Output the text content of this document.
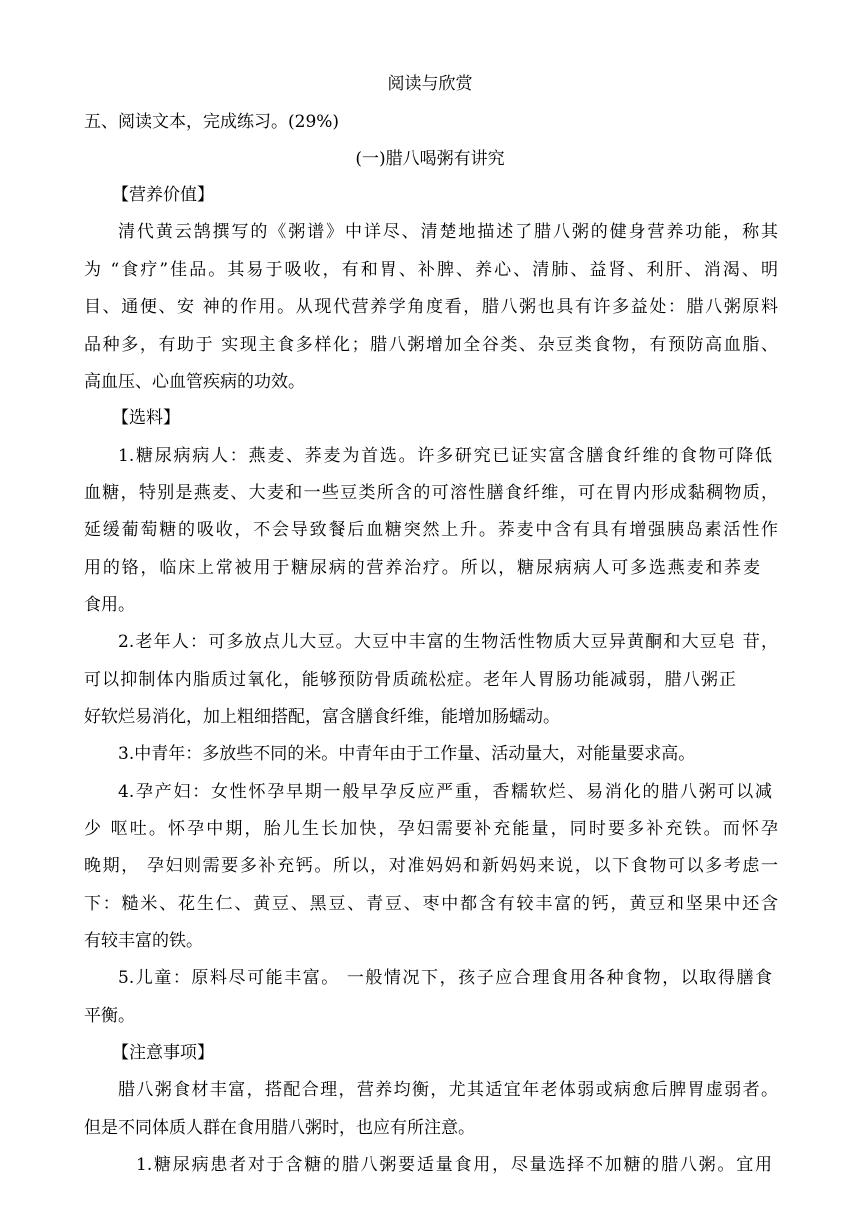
阅读与欣赏
五、阅读文本，完成练习。(29%)
(一)腊八喝粥有讲究
【营养价值】
清代黄云鹄撰写的《粥谱》中详尽、清楚地描述了腊八粥的健身营养功能，称其
为 “食疗”佳品。其易于吸收，有和胃、补脾、养心、清肺、益肾、利肝、消渴、明
目、通便、安 神的作用。从现代营养学角度看，腊八粥也具有许多益处：腊八粥原料
品种多，有助于 实现主食多样化；腊八粥增加全谷类、杂豆类食物，有预防高血脂、
高血压、心血管疾病的功效。
【选料】
1.糖尿病病人：燕麦、荞麦为首选。许多研究已证实富含膳食纤维的食物可降低
血糖，特别是燕麦、大麦和一些豆类所含的可溶性膳食纤维，可在胃内形成黏稠物质，
延缓葡萄糖的吸收，不会导致餐后血糖突然上升。荞麦中含有具有增强胰岛素活性作
用的铬，临床上常被用于糖尿病的营养治疗。所以，糖尿病病人可多选燕麦和荞麦
食用。
2.老年人：可多放点儿大豆。大豆中丰富的生物活性物质大豆异黄酮和大豆皂 苷，
可以抑制体内脂质过氧化，能够预防骨质疏松症。老年人胃肠功能减弱，腊八粥正
好软烂易消化，加上粗细搭配，富含膳食纤维，能增加肠蠕动。
3.中青年：多放些不同的米。中青年由于工作量、活动量大，对能量要求高。
4.孕产妇：女性怀孕早期一般早孕反应严重，香糯软烂、易消化的腊八粥可以减
少 呕吐。怀孕中期，胎儿生长加快，孕妇需要补充能量，同时要多补充铁。而怀孕
晚期， 孕妇则需要多补充钙。所以，对准妈妈和新妈妈来说，以下食物可以多考虑一
下：糙米、花生仁、黄豆、黑豆、青豆、枣中都含有较丰富的钙，黄豆和坚果中还含
有较丰富的铁。
5.儿童：原料尽可能丰富。 一般情况下，孩子应合理食用各种食物，以取得膳食
平衡。
【注意事项】
腊八粥食材丰富，搭配合理，营养均衡，尤其适宜年老体弱或病愈后脾胃虚弱者。
但是不同体质人群在食用腊八粥时，也应有所注意。
1.糖尿病患者对于含糖的腊八粥要适量食用，尽量选择不加糖的腊八粥。宜用
